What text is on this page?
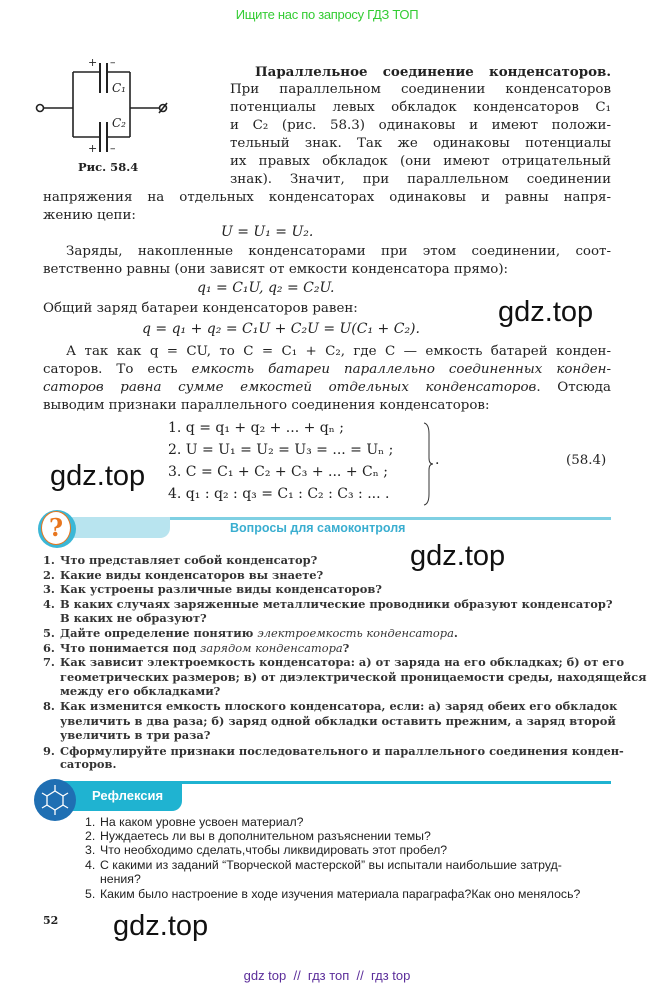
Ищите нас по запросу ГДЗ ТОП
C₁
C₂
+ –
+ –
Рис. 58.4
Параллельное соединение конденсаторов.
При параллельном соединении конденсаторов
потенциалы левых обкладок конденсаторов C₁
и C₂ (рис. 58.3) одинаковы и имеют положи-
тельный знак. Так же одинаковы потенциалы
их правых обкладок (они имеют отрицательный
знак). Значит, при параллельном соединении
напряжения на отдельных конденсаторах одинаковы и равны напря-
жению цепи:
U = U₁ = U₂.
Заряды, накопленные конденсаторами при этом соединении, соот-
ветственно равны (они зависят от емкости конденсатора прямо):
q₁ = C₁U, q₂ = C₂U.
Общий заряд батареи конденсаторов равен:
q = q₁ + q₂ = C₁U + C₂U = U(C₁ + C₂).
А так как q = CU, то C = C₁ + C₂, где C — емкость батарей конден-
саторов. То есть емкость батареи параллельно соединенных конден-
саторов равна сумме емкостей отдельных конденсаторов. Отсюда
выводим признаки параллельного соединения конденсаторов:
1. q = q₁ + q₂ + ... + qₙ ;
2. U = U₁ = U₂ = U₃ = ... = Uₙ ;
3. C = C₁ + C₂ + C₃ + ... + Cₙ ;
4. q₁ : q₂ : q₃ = C₁ : C₂ : C₃ : ... .
.	(58.4)
gdz.top
gdz.top
gdz.top
gdz.top
?	Вопросы для самоконтроля
1. Что представляет собой конденсатор?
2. Какие виды конденсаторов вы знаете?
3. Как устроены различные виды конденсаторов?
4. В каких случаях заряженные металлические проводники образуют конденсатор?
В каких не образуют?
5. Дайте определение понятию электроемкость конденсатора.
6. Что понимается под зарядом конденсатора?
7. Как зависит электроемкость конденсатора: а) от заряда на его обкладках; б) от его
геометрических размеров; в) от диэлектрической проницаемости среды, находящейся
между его обкладками?
8. Как изменится емкость плоского конденсатора, если: а) заряд обеих его обкладок
увеличить в два раза; б) заряд одной обкладки оставить прежним, а заряд второй
увеличить в три раза?
9. Сформулируйте признаки последовательного и параллельного соединения конден-
саторов.
Рефлексия
1. На каком уровне усвоен материал?
2. Нуждаетесь ли вы в дополнительном разъяснении темы?
3. Что необходимо сделать,чтобы ликвидировать этот пробел?
4. С какими из заданий “Творческой мастерской” вы испытали наибольшие затруд-
нения?
5. Каким было настроение в ходе изучения материала параграфа?Как оно менялось?
52
gdz top  //  гдз топ  //  гдз top
